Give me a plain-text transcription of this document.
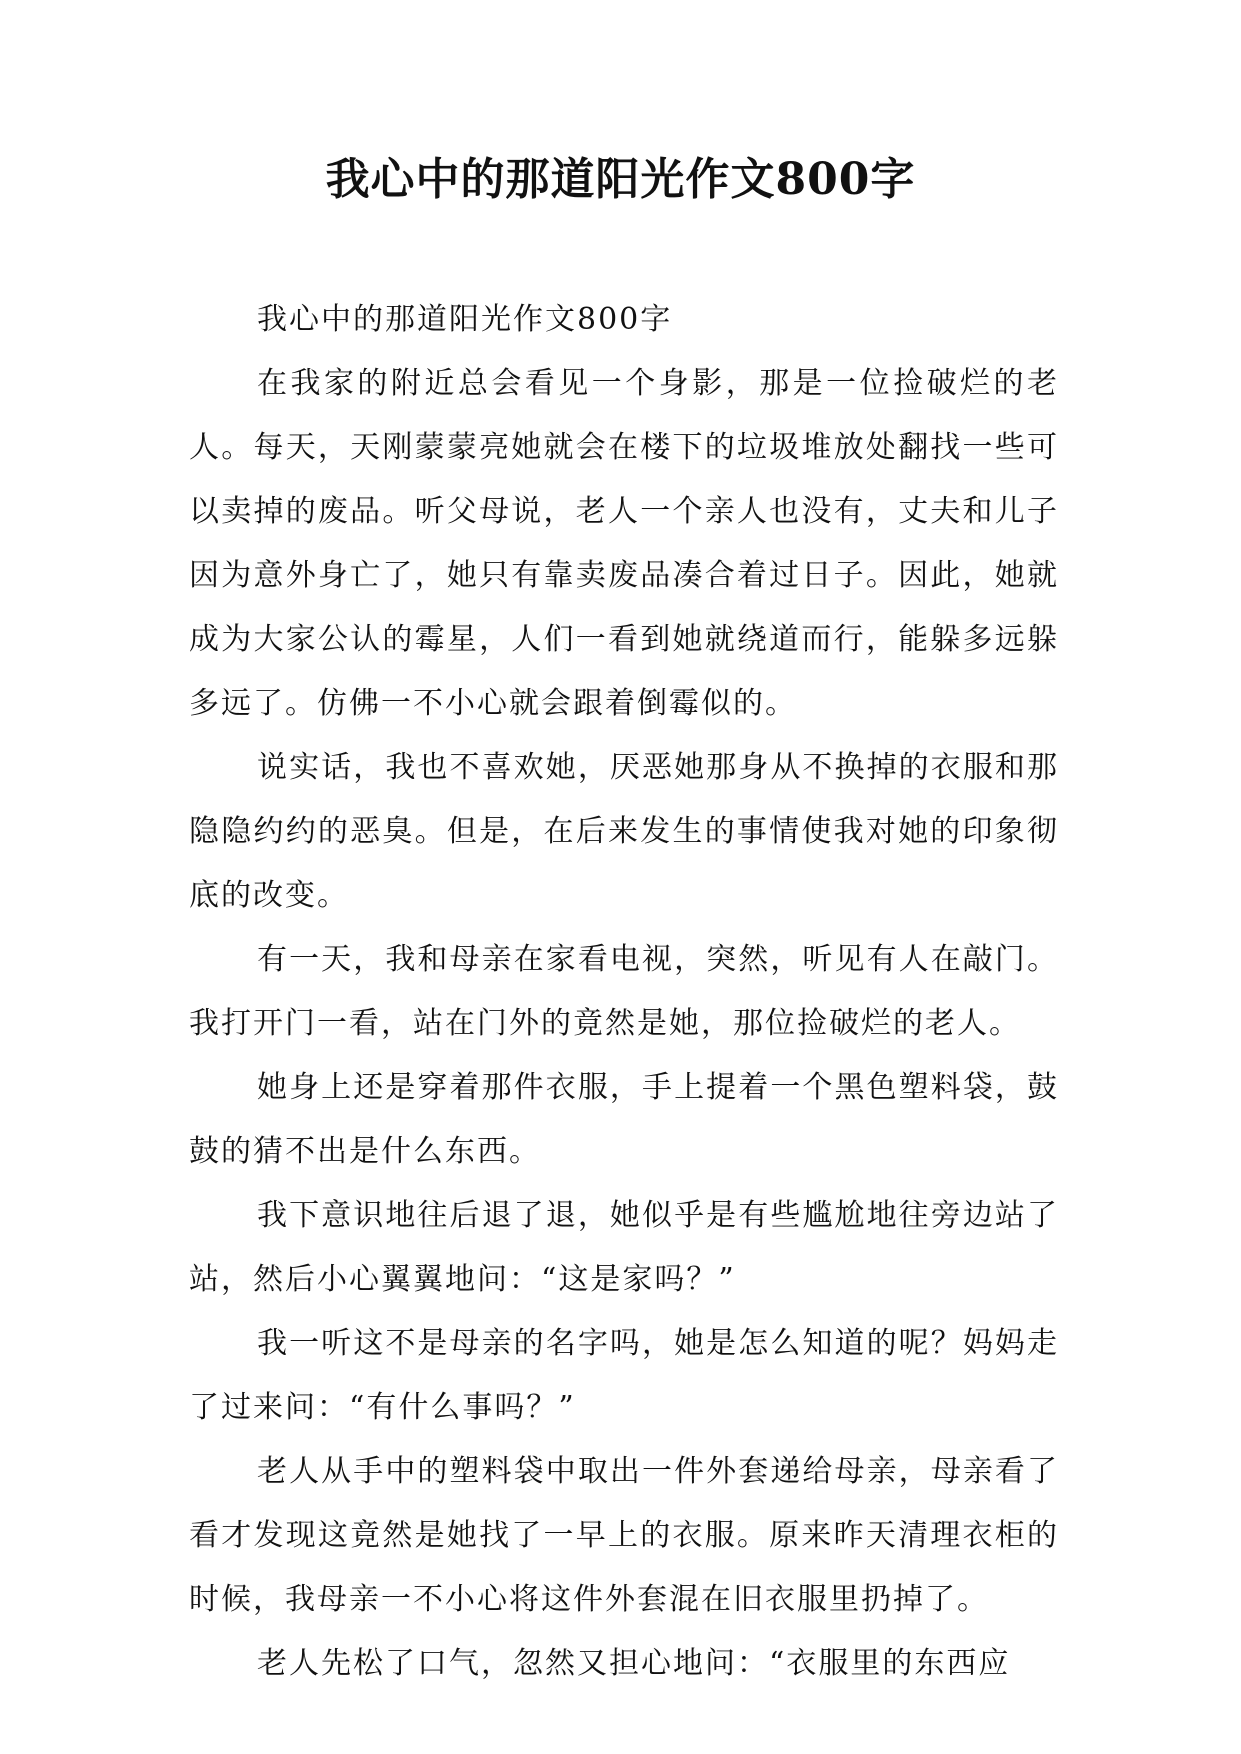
我心中的那道阳光作文800字

我心中的那道阳光作文800字

在我家的附近总会看见一个身影，那是一位捡破烂的老人。每天，天刚蒙蒙亮她就会在楼下的垃圾堆放处翻找一些可以卖掉的废品。听父母说，老人一个亲人也没有，丈夫和儿子因为意外身亡了，她只有靠卖废品凑合着过日子。因此，她就成为大家公认的霉星，人们一看到她就绕道而行，能躲多远躲多远了。仿佛一不小心就会跟着倒霉似的。

说实话，我也不喜欢她，厌恶她那身从不换掉的衣服和那隐隐约约的恶臭。但是，在后来发生的事情使我对她的印象彻底的改变。

有一天，我和母亲在家看电视，突然，听见有人在敲门。我打开门一看，站在门外的竟然是她，那位捡破烂的老人。

她身上还是穿着那件衣服，手上提着一个黑色塑料袋，鼓鼓的猜不出是什么东西。

我下意识地往后退了退，她似乎是有些尴尬地往旁边站了站，然后小心翼翼地问：“这是家吗？”

我一听这不是母亲的名字吗，她是怎么知道的呢？妈妈走了过来问：“有什么事吗？”

老人从手中的塑料袋中取出一件外套递给母亲，母亲看了看才发现这竟然是她找了一早上的衣服。原来昨天清理衣柜的时候，我母亲一不小心将这件外套混在旧衣服里扔掉了。

老人先松了口气，忽然又担心地问：“衣服里的东西应
